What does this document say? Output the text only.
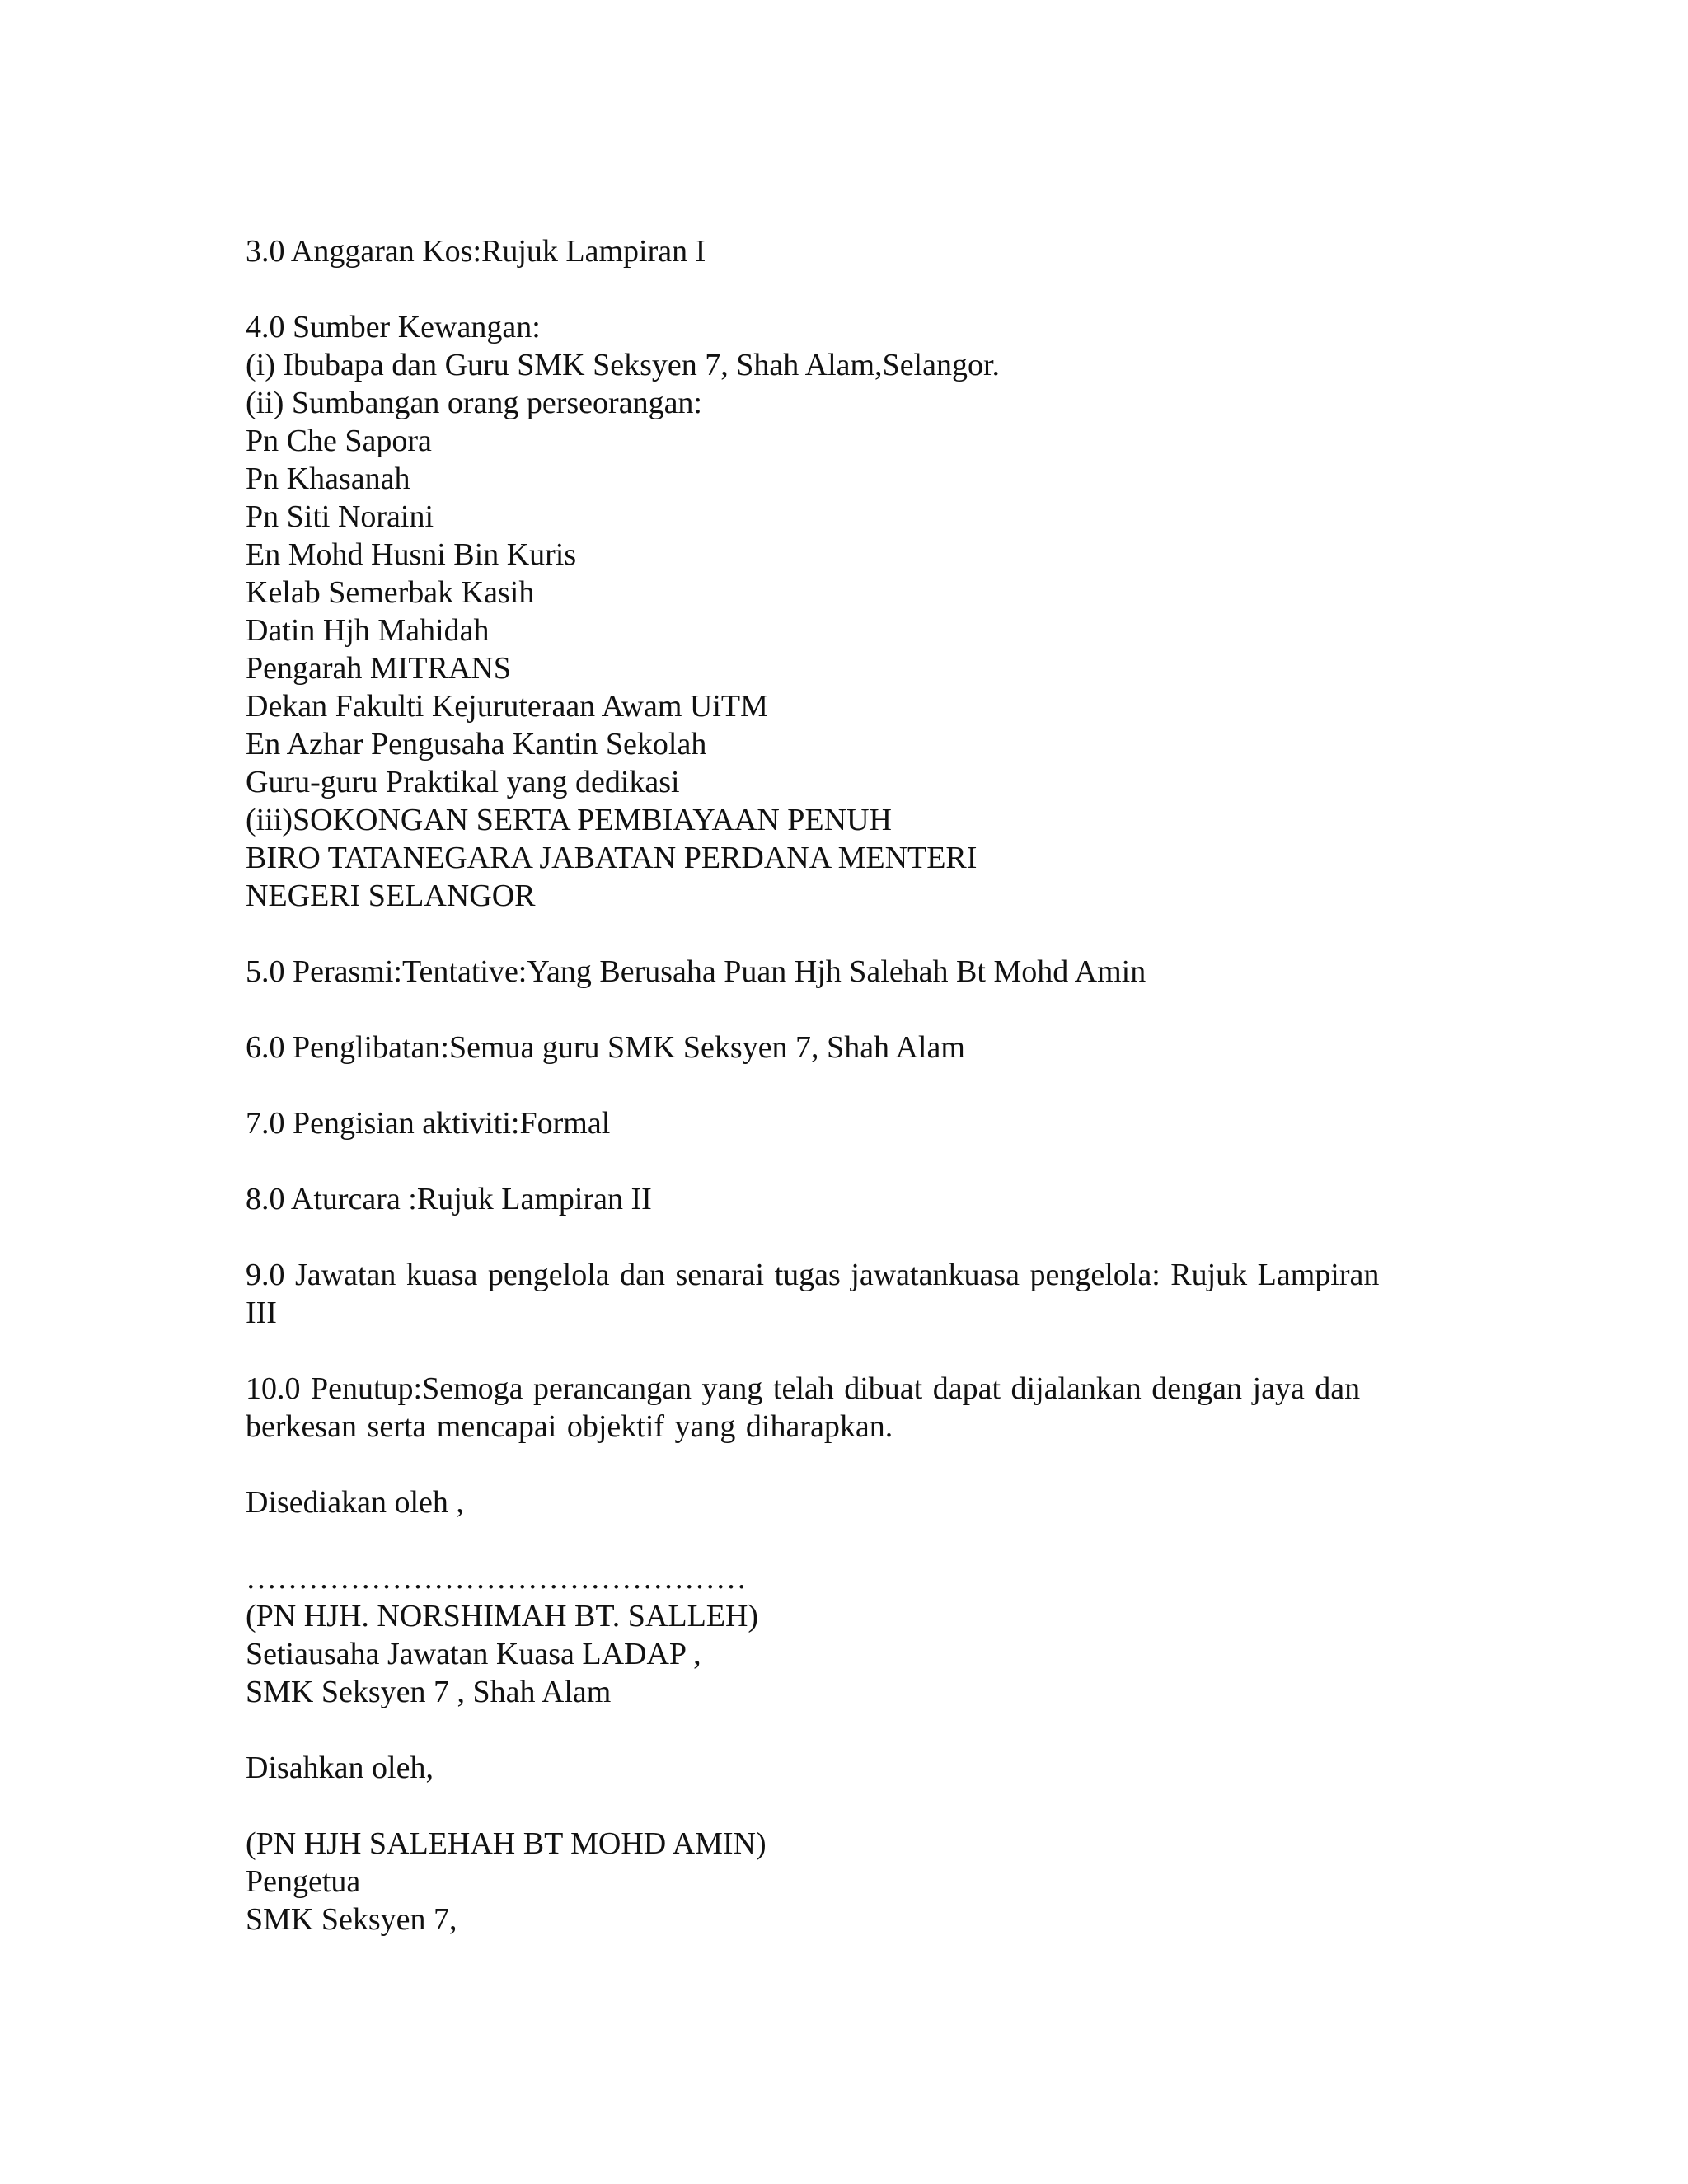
3.0 Anggaran Kos:Rujuk Lampiran I
4.0 Sumber Kewangan:
(i) Ibubapa dan Guru SMK Seksyen 7, Shah Alam,Selangor.
(ii) Sumbangan orang perseorangan:
Pn Che Sapora
Pn Khasanah
Pn Siti Noraini
En Mohd Husni Bin Kuris
Kelab Semerbak Kasih
Datin Hjh Mahidah
Pengarah MITRANS
Dekan Fakulti Kejuruteraan Awam UiTM
En Azhar Pengusaha Kantin Sekolah
Guru-guru Praktikal yang dedikasi
(iii)SOKONGAN SERTA PEMBIAYAAN PENUH
BIRO TATANEGARA JABATAN PERDANA MENTERI
NEGERI SELANGOR
5.0 Perasmi:Tentative:Yang Berusaha Puan Hjh Salehah Bt Mohd Amin
6.0 Penglibatan:Semua guru SMK Seksyen 7, Shah Alam
7.0 Pengisian aktiviti:Formal
8.0 Aturcara :Rujuk Lampiran II
9.0 Jawatan kuasa pengelola dan senarai tugas jawatankuasa pengelola: Rujuk Lampiran III
10.0 Penutup:Semoga perancangan yang telah dibuat dapat dijalankan dengan jaya dan berkesan serta mencapai objektif yang diharapkan.
Disediakan oleh ,
…………………………………………
(PN HJH. NORSHIMAH BT. SALLEH)
Setiausaha Jawatan Kuasa LADAP ,
SMK Seksyen 7 , Shah Alam
Disahkan oleh,
(PN HJH SALEHAH BT MOHD AMIN)
Pengetua
SMK Seksyen 7,
